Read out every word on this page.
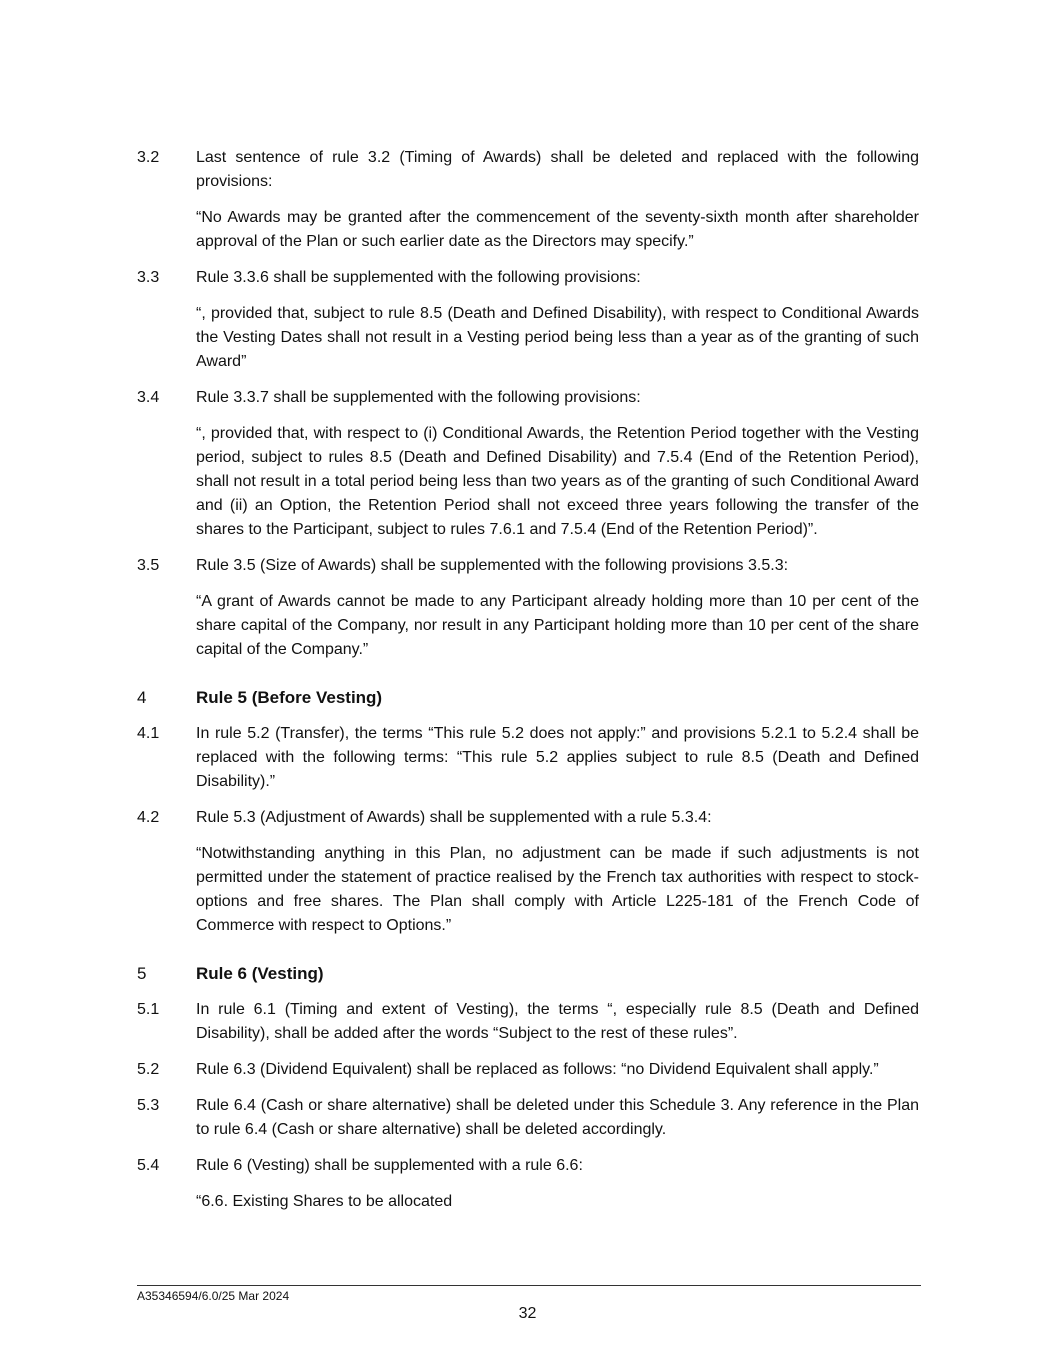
3.2	Last sentence of rule 3.2 (Timing of Awards) shall be deleted and replaced with the following provisions:
“No Awards may be granted after the commencement of the seventy-sixth month after shareholder approval of the Plan or such earlier date as the Directors may specify.”
3.3	Rule 3.3.6 shall be supplemented with the following provisions:
“, provided that, subject to rule 8.5 (Death and Defined Disability), with respect to Conditional Awards the Vesting Dates shall not result in a Vesting period being less than a year as of the granting of such Award”
3.4	Rule 3.3.7 shall be supplemented with the following provisions:
“, provided that, with respect to (i) Conditional Awards, the Retention Period together with the Vesting period, subject to rules 8.5 (Death and Defined Disability) and 7.5.4 (End of the Retention Period), shall not result in a total period being less than two years as of the granting of such Conditional Award and (ii) an Option, the Retention Period shall not exceed three years following the transfer of the shares to the Participant, subject to rules 7.6.1 and 7.5.4 (End of the Retention Period)”.
3.5	Rule 3.5 (Size of Awards) shall be supplemented with the following provisions 3.5.3:
“A grant of Awards cannot be made to any Participant already holding more than 10 per cent of the share capital of the Company, nor result in any Participant holding more than 10 per cent of the share capital of the Company.”
4	Rule 5 (Before Vesting)
4.1	In rule 5.2 (Transfer), the terms “This rule 5.2 does not apply:” and provisions 5.2.1 to 5.2.4 shall be replaced with the following terms: “This rule 5.2 applies subject to rule 8.5 (Death and Defined Disability).”
4.2	Rule 5.3 (Adjustment of Awards) shall be supplemented with a rule 5.3.4:
“Notwithstanding anything in this Plan, no adjustment can be made if such adjustments is not permitted under the statement of practice realised by the French tax authorities with respect to stock-options and free shares. The Plan shall comply with Article L225-181 of the French Code of Commerce with respect to Options.”
5	Rule 6 (Vesting)
5.1	In rule 6.1 (Timing and extent of Vesting), the terms “, especially rule 8.5 (Death and Defined Disability), shall be added after the words “Subject to the rest of these rules”.
5.2	Rule 6.3 (Dividend Equivalent) shall be replaced as follows: “no Dividend Equivalent shall apply.”
5.3	Rule 6.4 (Cash or share alternative) shall be deleted under this Schedule 3. Any reference in the Plan to rule 6.4 (Cash or share alternative) shall be deleted accordingly.
5.4	Rule 6 (Vesting) shall be supplemented with a rule 6.6:
“6.6. Existing Shares to be allocated
A35346594/6.0/25 Mar 2024
32
